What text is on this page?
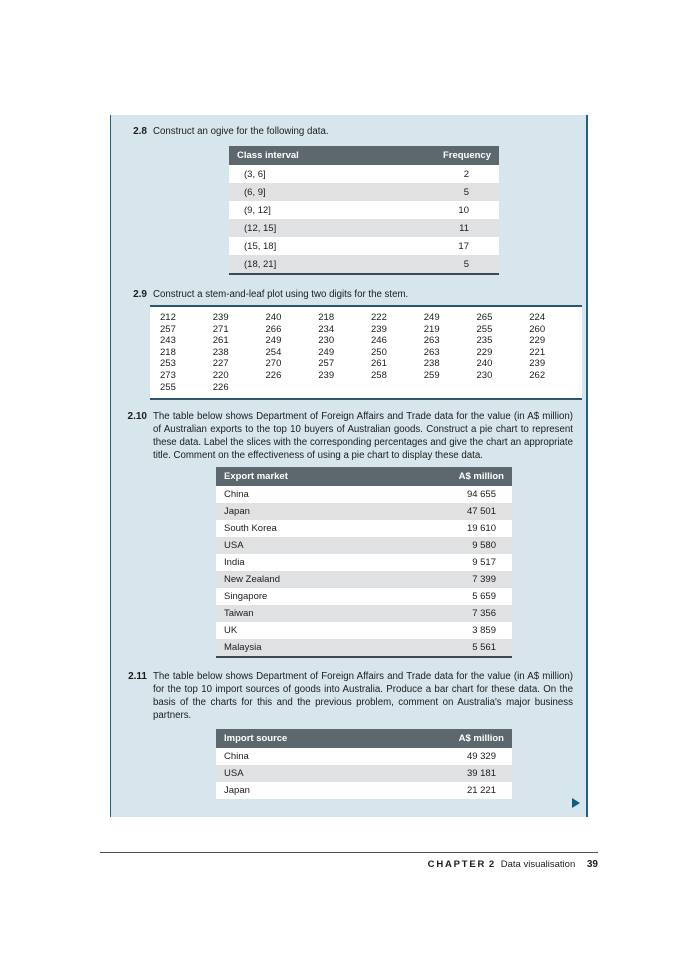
2.8 Construct an ogive for the following data.
Class interval	Frequency
(3, 6]	2
(6, 9]	5
(9, 12]	10
(12, 15]	11
(15, 18]	17
(18, 21]	5
2.9 Construct a stem-and-leaf plot using two digits for the stem.
212	239	240	218	222	249	265	224
257	271	266	234	239	219	255	260
243	261	249	230	246	263	235	229
218	238	254	249	250	263	229	221
253	227	270	257	261	238	240	239
273	220	226	239	258	259	230	262
255	226
2.10 The table below shows Department of Foreign Affairs and Trade data for the value (in A$ million) of Australian exports to the top 10 buyers of Australian goods. Construct a pie chart to represent these data. Label the slices with the corresponding percentages and give the chart an appropriate title. Comment on the effectiveness of using a pie chart to display these data.
Export market	A$ million
China	94 655
Japan	47 501
South Korea	19 610
USA	9 580
India	9 517
New Zealand	7 399
Singapore	5 659
Taiwan	7 356
UK	3 859
Malaysia	5 561
2.11 The table below shows Department of Foreign Affairs and Trade data for the value (in A$ million) for the top 10 import sources of goods into Australia. Produce a bar chart for these data. On the basis of the charts for this and the previous problem, comment on Australia's major business partners.
Import source	A$ million
China	49 329
USA	39 181
Japan	21 221
CHAPTER 2 Data visualisation 39
